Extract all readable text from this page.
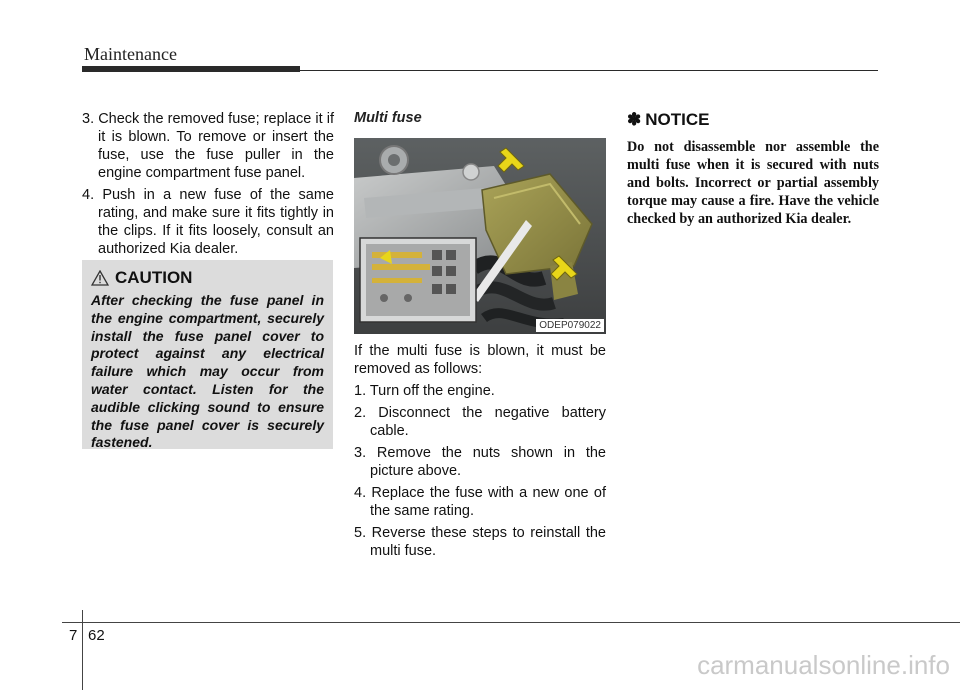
Maintenance
3. Check the removed fuse; replace it if it is blown. To remove or insert the fuse, use the fuse puller in the engine compartment fuse panel.
4. Push in a new fuse of the same rating, and make sure it fits tightly in the clips. If it fits loosely, consult an authorized Kia dealer.
CAUTION
After checking the fuse panel in the engine compartment, securely install the fuse panel cover to protect against any electrical failure which may occur from water contact. Listen for the audible clicking sound to ensure the fuse panel cover is securely fastened.
Multi fuse
ODEP079022

If the multi fuse is blown, it must be removed as follows:

1. Turn off the engine.
2. Disconnect the negative battery cable.
3. Remove the nuts shown in the picture above.
4. Replace the fuse with a new one of the same rating.
5. Reverse these steps to reinstall the multi fuse.
✽ NOTICE
Do not disassemble nor assemble the multi fuse when it is secured with nuts and bolts. Incorrect or partial assembly torque may cause a fire. Have the vehicle checked by an authorized Kia dealer.
7 62
carmanualsonline.info
